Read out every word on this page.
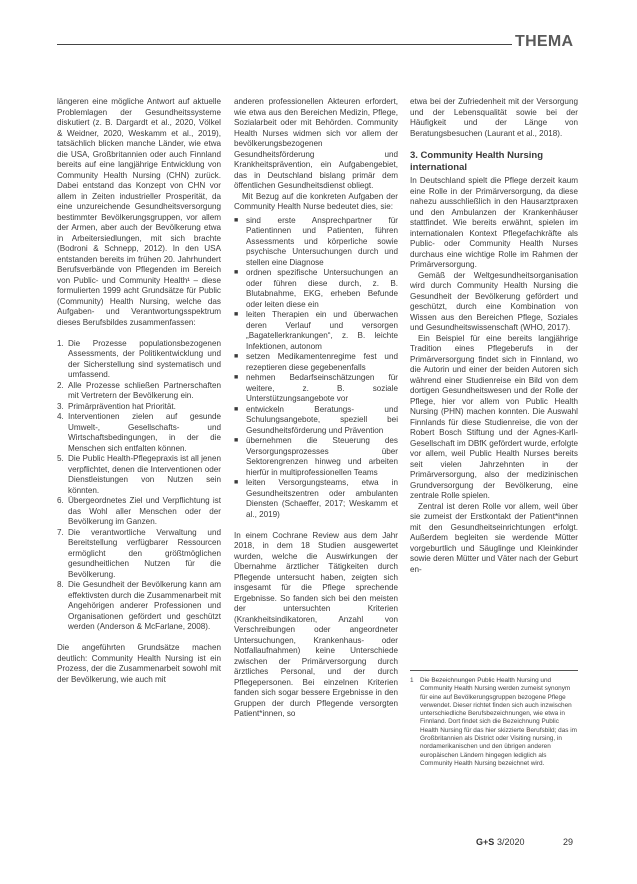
THEMA

längeren eine mögliche Antwort auf aktuelle Problemlagen der Gesundheitssysteme diskutiert (z. B. Dargardt et al., 2020, Völkel & Weidner, 2020, Weskamm et al., 2019), tatsächlich blicken manche Länder, wie etwa die USA, Großbritannien oder auch Finnland bereits auf eine langjährige Entwicklung von Community Health Nursing (CHN) zurück. Dabei entstand das Konzept von CHN vor allem in Zeiten industrieller Prosperität, da eine unzureichende Gesundheitsversorgung bestimmter Bevölkerungsgruppen, vor allem der Armen, aber auch der Bevölkerung etwa in Arbeitersiedlungen, mit sich brachte (Bodroni & Schnepp, 2012). In den USA entstanden bereits im frühen 20. Jahrhundert Berufsverbände von Pflegenden im Bereich von Public- und Community Health¹ – diese formulierten 1999 acht Grundsätze für Public (Community) Health Nursing, welche das Aufgaben- und Verantwortungsspektrum dieses Berufsbildes zusammenfassen:

1. Die Prozesse populationsbezogenen Assessments, der Politikentwicklung und der Sicherstellung sind systematisch und umfassend.
2. Alle Prozesse schließen Partnerschaften mit Vertretern der Bevölkerung ein.
3. Primärprävention hat Priorität.
4. Interventionen zielen auf gesunde Umwelt-, Gesellschafts- und Wirtschaftsbedingungen, in der die Menschen sich entfalten können.
5. Die Public Health-Pflegepraxis ist all jenen verpflichtet, denen die Interventionen oder Dienstleistungen von Nutzen sein könnten.
6. Übergeordnetes Ziel und Verpflichtung ist das Wohl aller Menschen oder der Bevölkerung im Ganzen.
7. Die verantwortliche Verwaltung und Bereitstellung verfügbarer Ressourcen ermöglicht den größtmöglichen gesundheitlichen Nutzen für die Bevölkerung.
8. Die Gesundheit der Bevölkerung kann am effektivsten durch die Zusammenarbeit mit Angehörigen anderer Professionen und Organisationen gefördert und geschützt werden (Anderson & McFarlane, 2008).

Die angeführten Grundsätze machen deutlich: Community Health Nursing ist ein Prozess, der die Zusammenarbeit sowohl mit der Bevölkerung, wie auch mit

anderen professionellen Akteuren erfordert, wie etwa aus den Bereichen Medizin, Pflege, Sozialarbeit oder mit Behörden. Community Health Nurses widmen sich vor allem der bevölkerungsbezogenen Gesundheitsförderung und Krankheitsprävention, ein Aufgabengebiet, das in Deutschland bislang primär dem öffentlichen Gesundheitsdienst obliegt.

Mit Bezug auf die konkreten Aufgaben der Community Health Nurse bedeutet dies, sie:

■ sind erste Ansprechpartner für Patientinnen und Patienten, führen Assessments und körperliche sowie psychische Untersuchungen durch und stellen eine Diagnose
■ ordnen spezifische Untersuchungen an oder führen diese durch, z. B. Blutabnahme, EKG, erheben Befunde oder leiten diese ein
■ leiten Therapien ein und überwachen deren Verlauf und versorgen „Bagatellerkrankungen“, z. B. leichte Infektionen, autonom
■ setzen Medikamentenregime fest und rezeptieren diese gegebenenfalls
■ nehmen Bedarfseinschätzungen für weitere, z. B. soziale Unterstützungsangebote vor
■ entwickeln Beratungs- und Schulungsangebote, speziell bei Gesundheitsförderung und Prävention
■ übernehmen die Steuerung des Versorgungsprozesses über Sektorengrenzen hinweg und arbeiten hierfür in multiprofessionellen Teams
■ leiten Versorgungsteams, etwa in Gesundheitszentren oder ambulanten Diensten (Schaeffer, 2017; Weskamm et al., 2019)

In einem Cochrane Review aus dem Jahr 2018, in dem 18 Studien ausgewertet wurden, welche die Auswirkungen der Übernahme ärztlicher Tätigkeiten durch Pflegende untersucht haben, zeigten sich insgesamt für die Pflege sprechende Ergebnisse. So fanden sich bei den meisten der untersuchten Kriterien (Krankheitsindikatoren, Anzahl von Verschreibungen oder angeordneter Untersuchungen, Krankenhaus- oder Notfallaufnahmen) keine Unterschiede zwischen der Primärversorgung durch ärztliches Personal, und der durch Pflegepersonen. Bei einzelnen Kriterien fanden sich sogar bessere Ergebnisse in den Gruppen der durch Pflegende versorgten Patient*innen, so

etwa bei der Zufriedenheit mit der Versorgung und der Lebensqualität sowie bei der Häufigkeit und der Länge von Beratungsbesuchen (Laurant et al., 2018).

3. Community Health Nursing international

In Deutschland spielt die Pflege derzeit kaum eine Rolle in der Primärversorgung, da diese nahezu ausschließlich in den Hausarztpraxen und den Ambulanzen der Krankenhäuser stattfindet. Wie bereits erwähnt, spielen im internationalen Kontext Pflegefachkräfte als Public- oder Community Health Nurses durchaus eine wichtige Rolle im Rahmen der Primärversorgung.

Gemäß der Weltgesundheitsorganisation wird durch Community Health Nursing die Gesundheit der Bevölkerung gefördert und geschützt, durch eine Kombination von Wissen aus den Bereichen Pflege, Soziales und Gesundheitswissenschaft (WHO, 2017).

Ein Beispiel für eine bereits langjährige Tradition eines Pflegeberufs in der Primärversorgung findet sich in Finnland, wo die Autorin und einer der beiden Autoren sich während einer Studienreise ein Bild von dem dortigen Gesundheitswesen und der Rolle der Pflege, hier vor allem von Public Health Nursing (PHN) machen konnten. Die Auswahl Finnlands für diese Studienreise, die von der Robert Bosch Stiftung und der Agnes-Karll-Gesellschaft im DBfK gefördert wurde, erfolgte vor allem, weil Public Health Nurses bereits seit vielen Jahrzehnten in der Primärversorgung, also der medizinischen Grundversorgung der Bevölkerung, eine zentrale Rolle spielen.

Zentral ist deren Rolle vor allem, weil über sie zumeist der Erstkontakt der Patient*innen mit den Gesundheitseinrichtungen erfolgt. Außerdem begleiten sie werdende Mütter vorgeburtlich und Säuglinge und Kleinkinder sowie deren Mütter und Väter nach der Geburt en-

1	Die Bezeichnungen Public Health Nursing und Community Health Nursing werden zumeist synonym für eine auf Bevölkerungsgruppen bezogene Pflege verwendet. Dieser richtet finden sich auch inzwischen unterschiedliche Berufsbezeichnungen, wie etwa in Finnland. Dort findet sich die Bezeichnung Public Health Nursing für das hier skizzierte Berufsbild; das im Großbritannien als District oder Visiting nursing, in nordamerikanischen und den übrigen anderen europäischen Ländern hingegen lediglich als Community Health Nursing bezeichnet wird.
G+S 3/2020	29
